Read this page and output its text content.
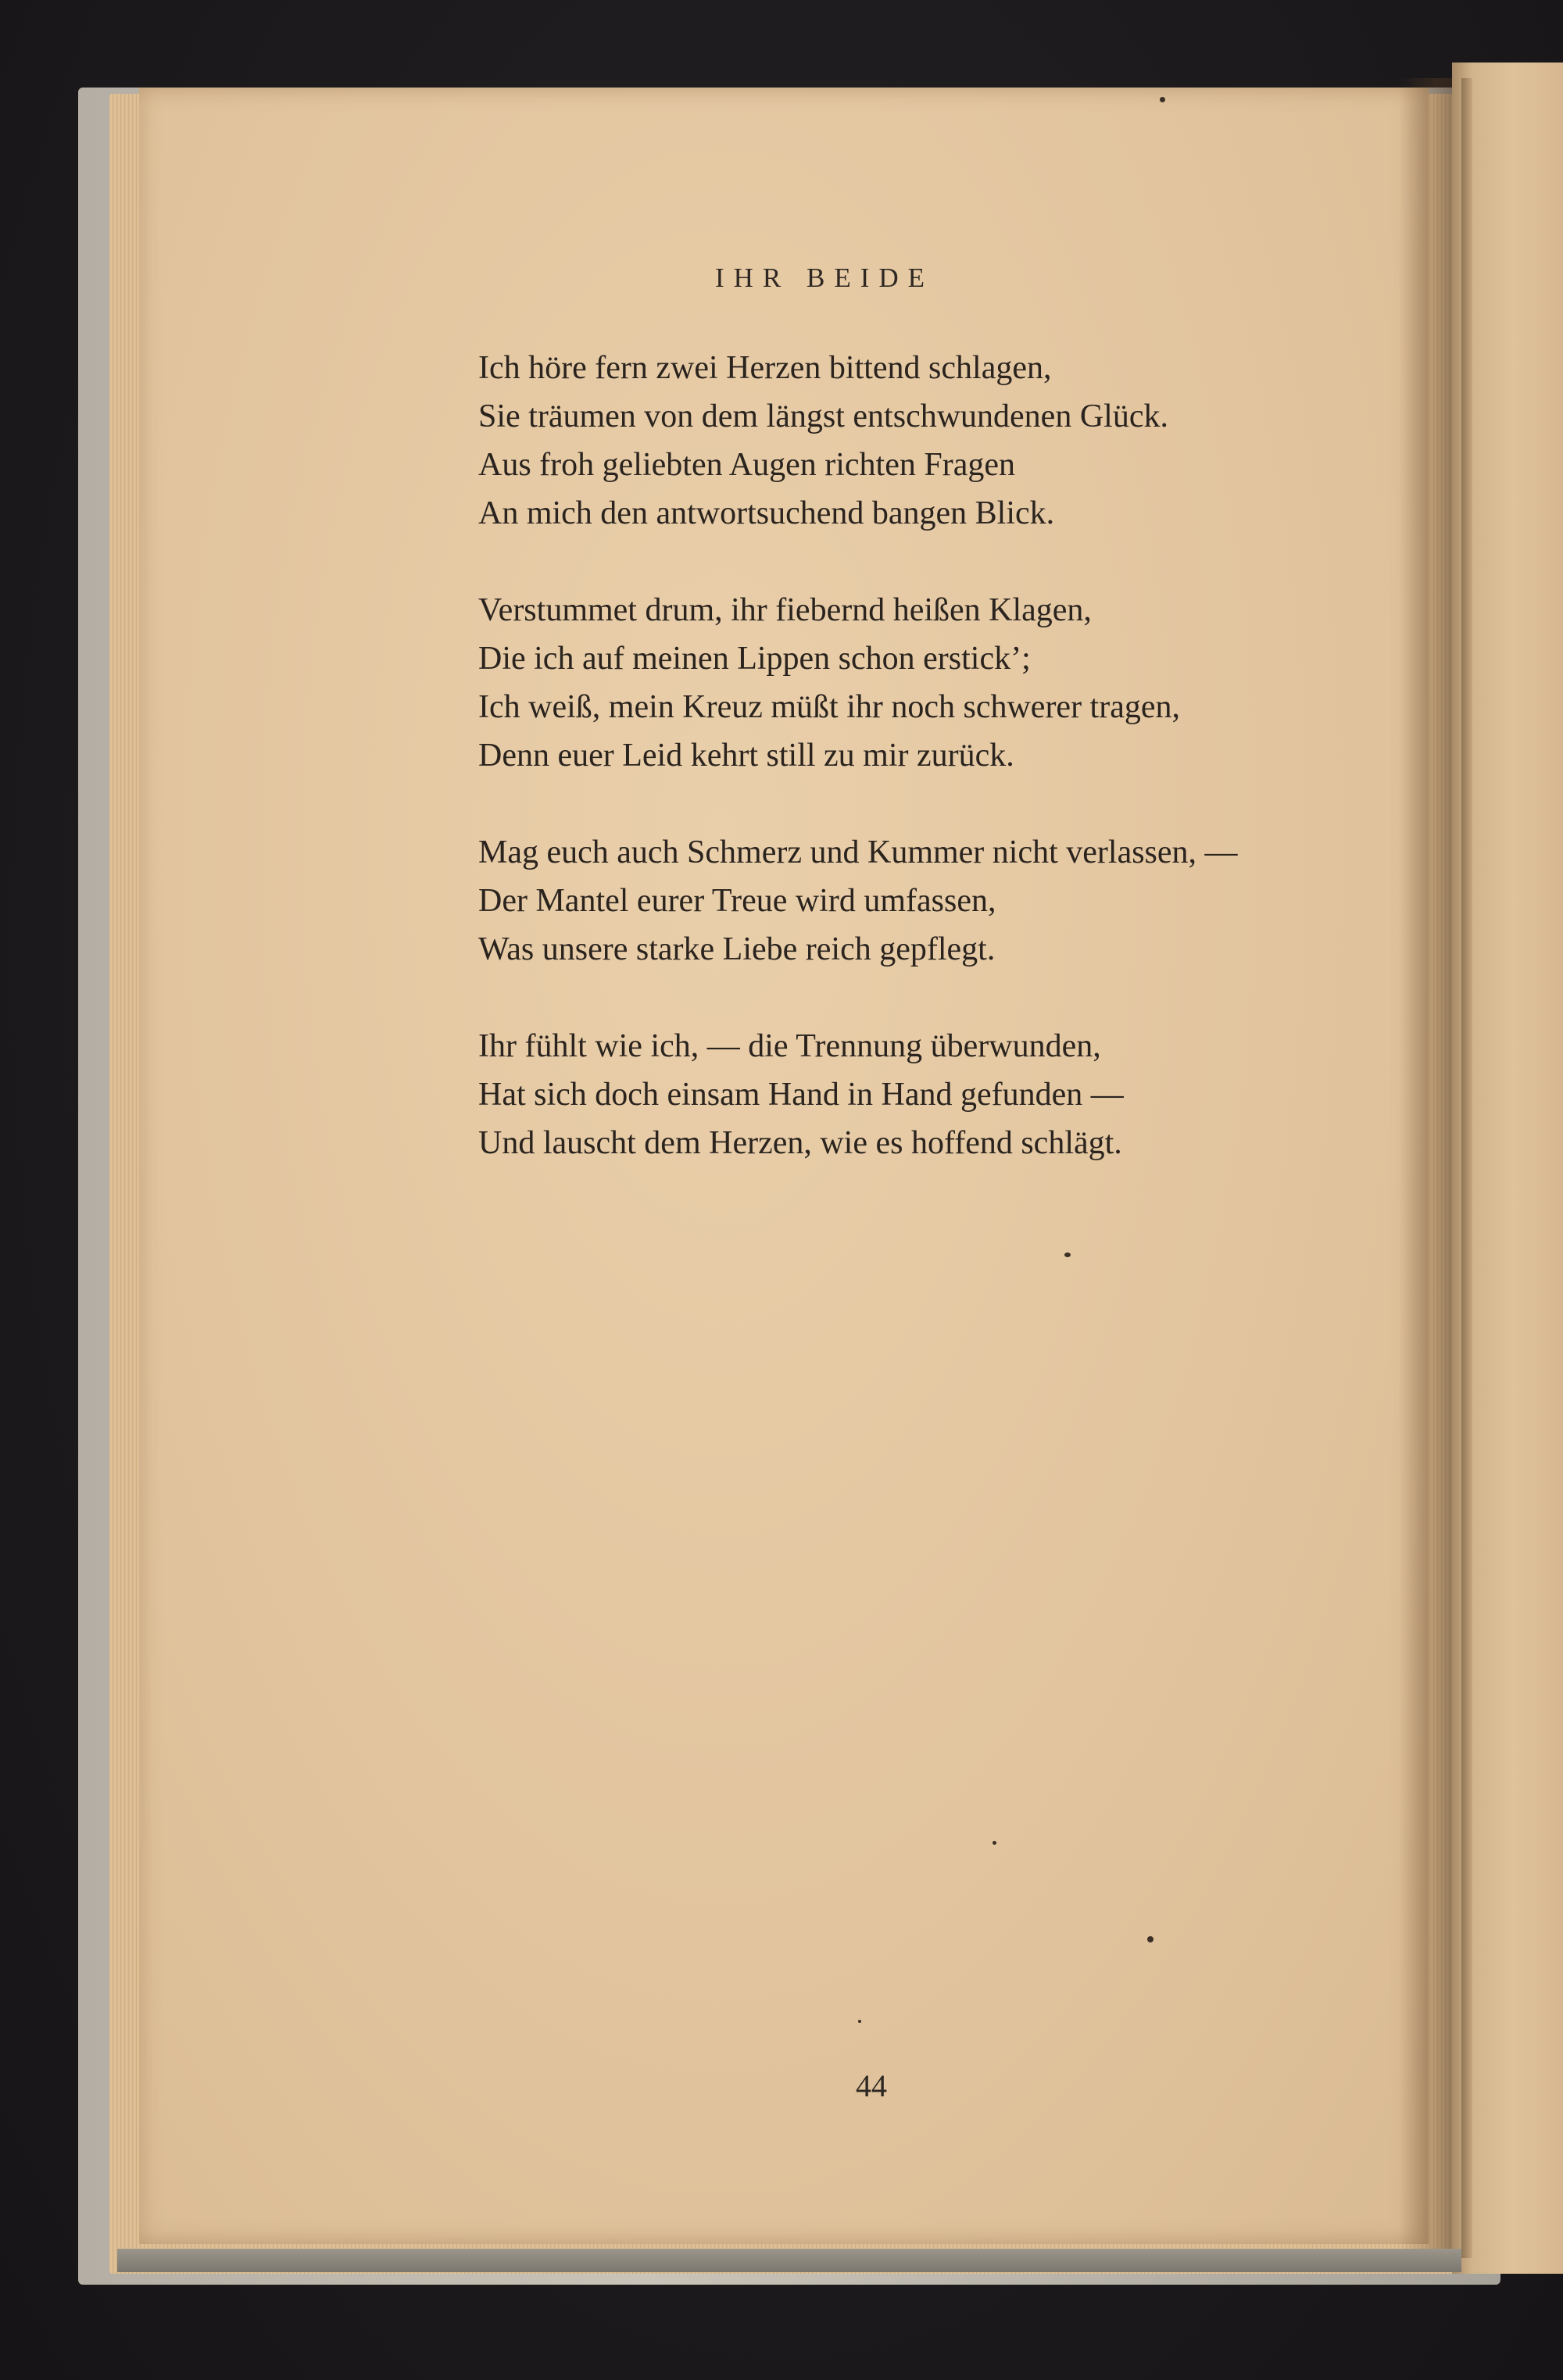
IHR BEIDE
Ich höre fern zwei Herzen bittend schlagen,
Sie träumen von dem längst entschwundenen Glück.
Aus froh geliebten Augen richten Fragen
An mich den antwortsuchend bangen Blick.
Verstummet drum, ihr fiebernd heißen Klagen,
Die ich auf meinen Lippen schon erstick’;
Ich weiß, mein Kreuz müßt ihr noch schwerer tragen,
Denn euer Leid kehrt still zu mir zurück.
Mag euch auch Schmerz und Kummer nicht verlassen, —
Der Mantel eurer Treue wird umfassen,
Was unsere starke Liebe reich gepflegt.
Ihr fühlt wie ich, — die Trennung überwunden,
Hat sich doch einsam Hand in Hand gefunden —
Und lauscht dem Herzen, wie es hoffend schlägt.
44
